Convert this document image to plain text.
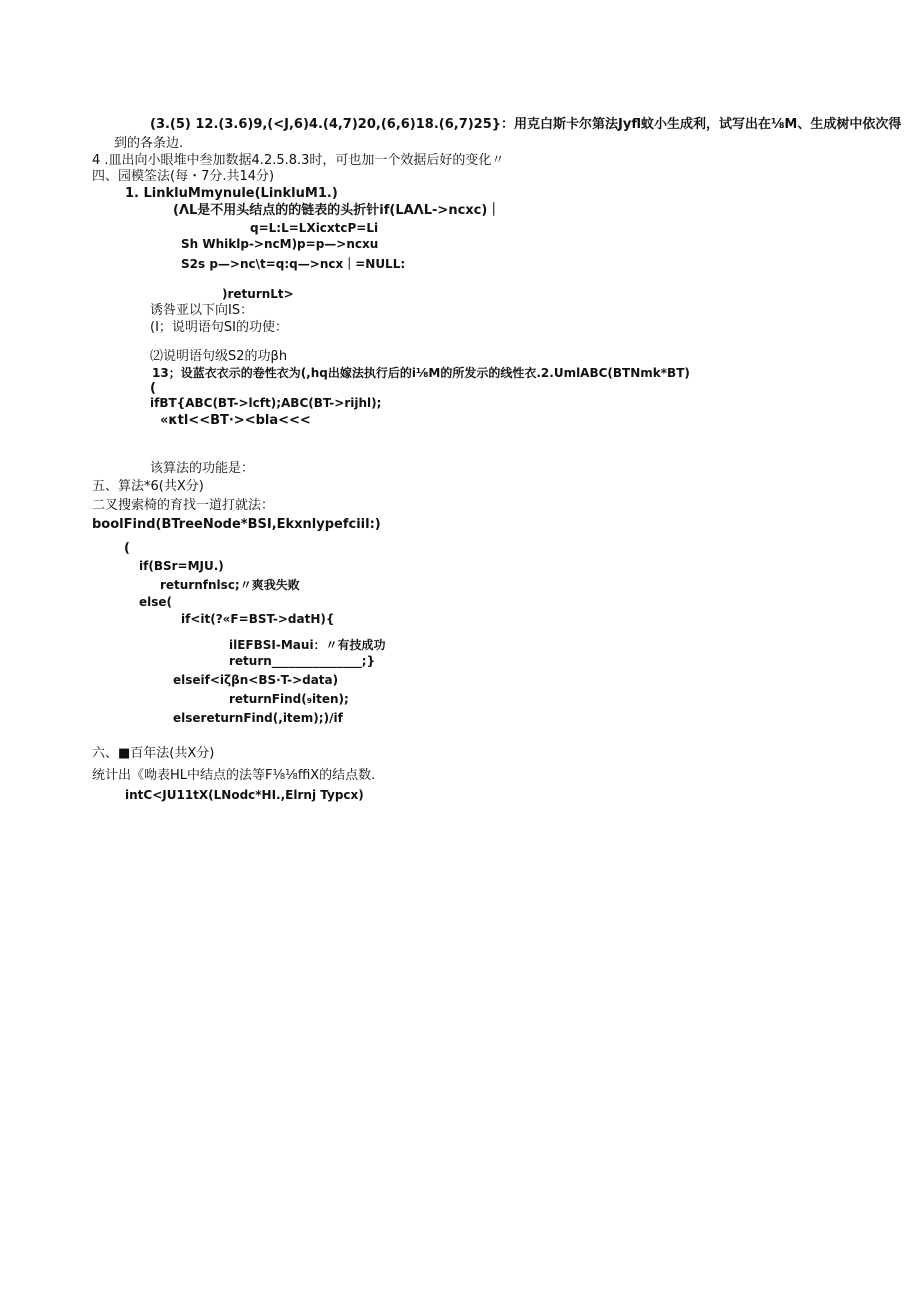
(3.(5) 12.(3.6)9,(<J,6)4.(4,7)20,(6,6)18.(6,7)25}：用克白斯卡尔第法Jyfl蚊小生成利，试写出在⅛M、生成树中依次得
到的各条边.
4 .皿出向小眼堆中叁加数据4.2.5.8.3时，可也加一个效据后好的变化〃
四、园模筌法(每・7分.共14分)
1. LinkluMmynule(LinkluM1.)
(ΛL是不用头结点的的链表的头折针if(LAΛL->ncxc)｜
q=L:L=LXicxtcP=Li
Sh Whiklp->ncM)p=p—>ncxu
S2s p—>nc\t=q:q—>ncx｜=NULL:
)returnLt>
诱咎亚以下向IS：
(I；说明语句SI的功使：
⑵说明语句级S2的功βh
13；设蓝衣衣示的卷性衣为(,hq出嫁法执行后的i⅛M的所发示的线性衣.2.UmlABC(BTNmk*BT)
(
ifBT{ABC(BT->lcft);ABC(BT->rijhl);
«κtl<<BT·><bla<<<
该算法的功能是：
五、算法*6(共X分)
二叉搜索椅的育找一道打就法：
boolFind(BTreeNode*BSI,Ekxnlypefciil:)
(
if(BSr=MJU.)
returnfnlsc;〃爽我失败
else(
if<it(?«F=BST->datH){
ilEFBSI-Maui：〃有技成功
return_______________;}
elseif<iζβn<BS·T->data)
returnFind(₉iten);
elsereturnFind(,item);)∕if
六、■百年法(共X分)
统计出《呦表HL中结点的法等F⅛⅛ffiX的结点数.
intC<JU11tX(LNodc*HI.,Elrnj Typcx)
